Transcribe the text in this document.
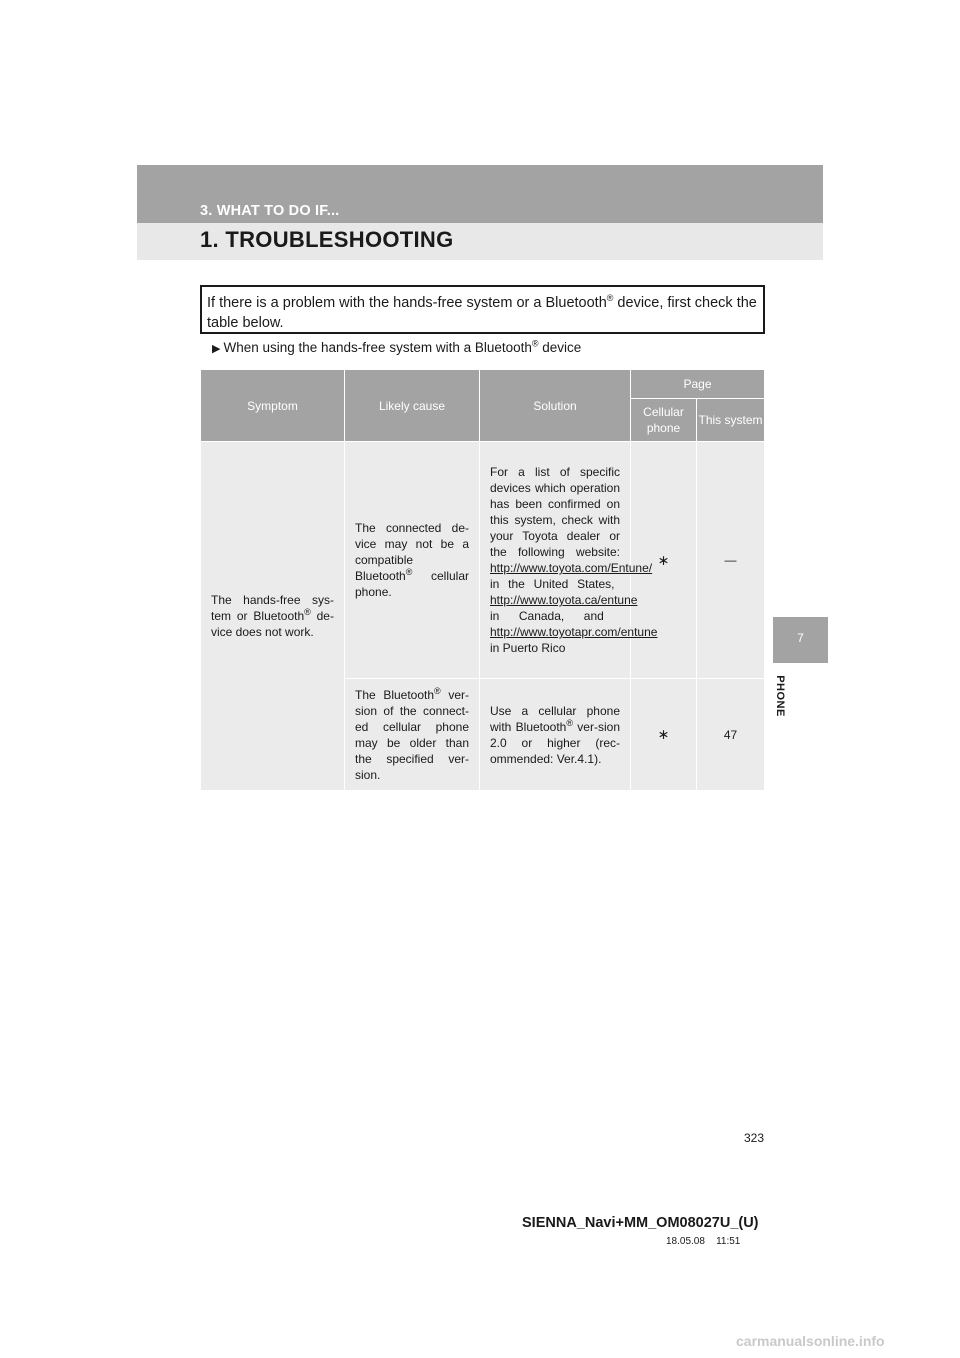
3. WHAT TO DO IF...
1. TROUBLESHOOTING
7
PHONE
If there is a problem with the hands-free system or a Bluetooth® device, first check the table below.
▶ When using the hands-free system with a Bluetooth® device
Symptom	Likely cause	Solution	Page	
			Cellular phone	This system
The hands-free sys-tem or Bluetooth® de-vice does not work.	The connected de-vice may not be a compatible Bluetooth® cellular phone.	For a list of specific devices which operation has been confirmed on this system, check with your Toyota dealer or the following website: http://www.toyota.com/Entune/ in the United States, http://www.toyota.ca/entune in Canada, and http://www.toyotapr.com/entune in Puerto Rico	∗	—
	The Bluetooth® ver-sion of the connect-ed cellular phone may be older than the specified ver-sion.	Use a cellular phone with Bluetooth® ver-sion 2.0 or higher (rec-ommended: Ver.4.1).	∗	47
323
SIENNA_Navi+MM_OM08027U_(U)
18.05.08 11:51
carmanualsonline.info
